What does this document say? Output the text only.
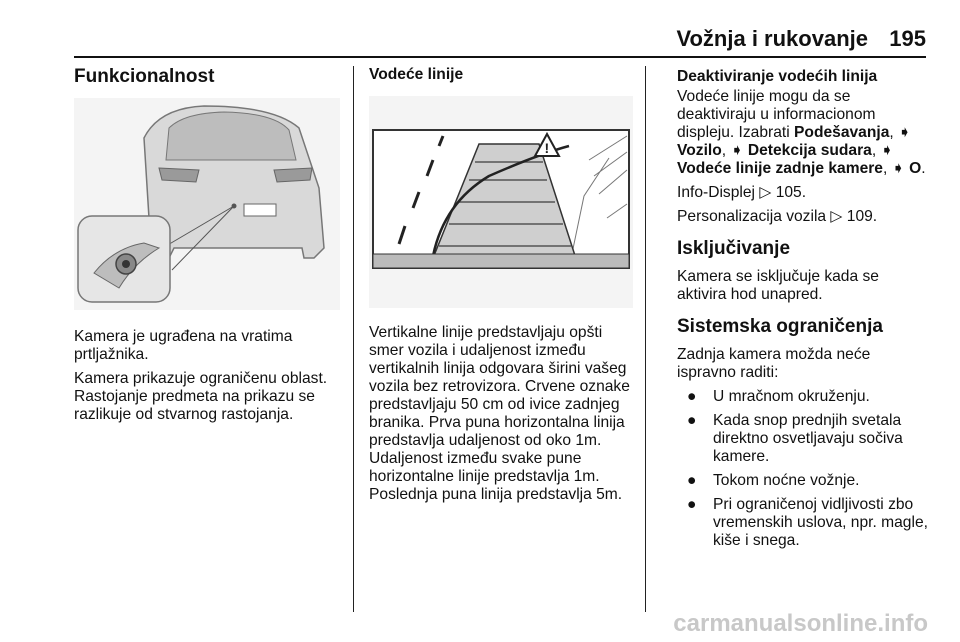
Vožnja i rukovanje 195
Funkcionalnost

Kamera je ugrađena na vratima prtljažnika.

Kamera prikazuje ograničenu oblast. Rastojanje predmeta na prikazu se razlikuje od stvarnog rastojanja.

Vodeće linije
!

Vertikalne linije predstavljaju opšti smer vozila i udaljenost između vertikalnih linija odgovara širini vašeg vozila bez retrovizora. Crvene oznake predstavljaju 50 cm od ivice zadnjeg branika. Prva puna horizontalna linija predstavlja udaljenost od oko 1m. Udaljenost između svake pune horizontalne linije predstavlja 1m. Poslednja puna linija predstavlja 5m.

Deaktiviranje vodećih linija

Vodeće linije mogu da se deaktiviraju u informacionom displeju. Izabrati Podešavanja, ➧ Vozilo, ➧ Detekcija sudara, ➧ Vodeće linije zadnje kamere, ➧ O.

Info-Displej ▷ 105.

Personalizacija vozila ▷ 109.

Isključivanje

Kamera se isključuje kada se aktivira hod unapred.

Sistemska ograničenja

Zadnja kamera možda neće ispravno raditi:

● U mračnom okruženju.
● Kada snop prednjih svetala direktno osvetljavaju sočiva kamere.
● Tokom noćne vožnje.
● Pri ograničenoj vidljivosti zbo vremenskih uslova, npr. magle, kiše i snega.
carmanualsonline.info
